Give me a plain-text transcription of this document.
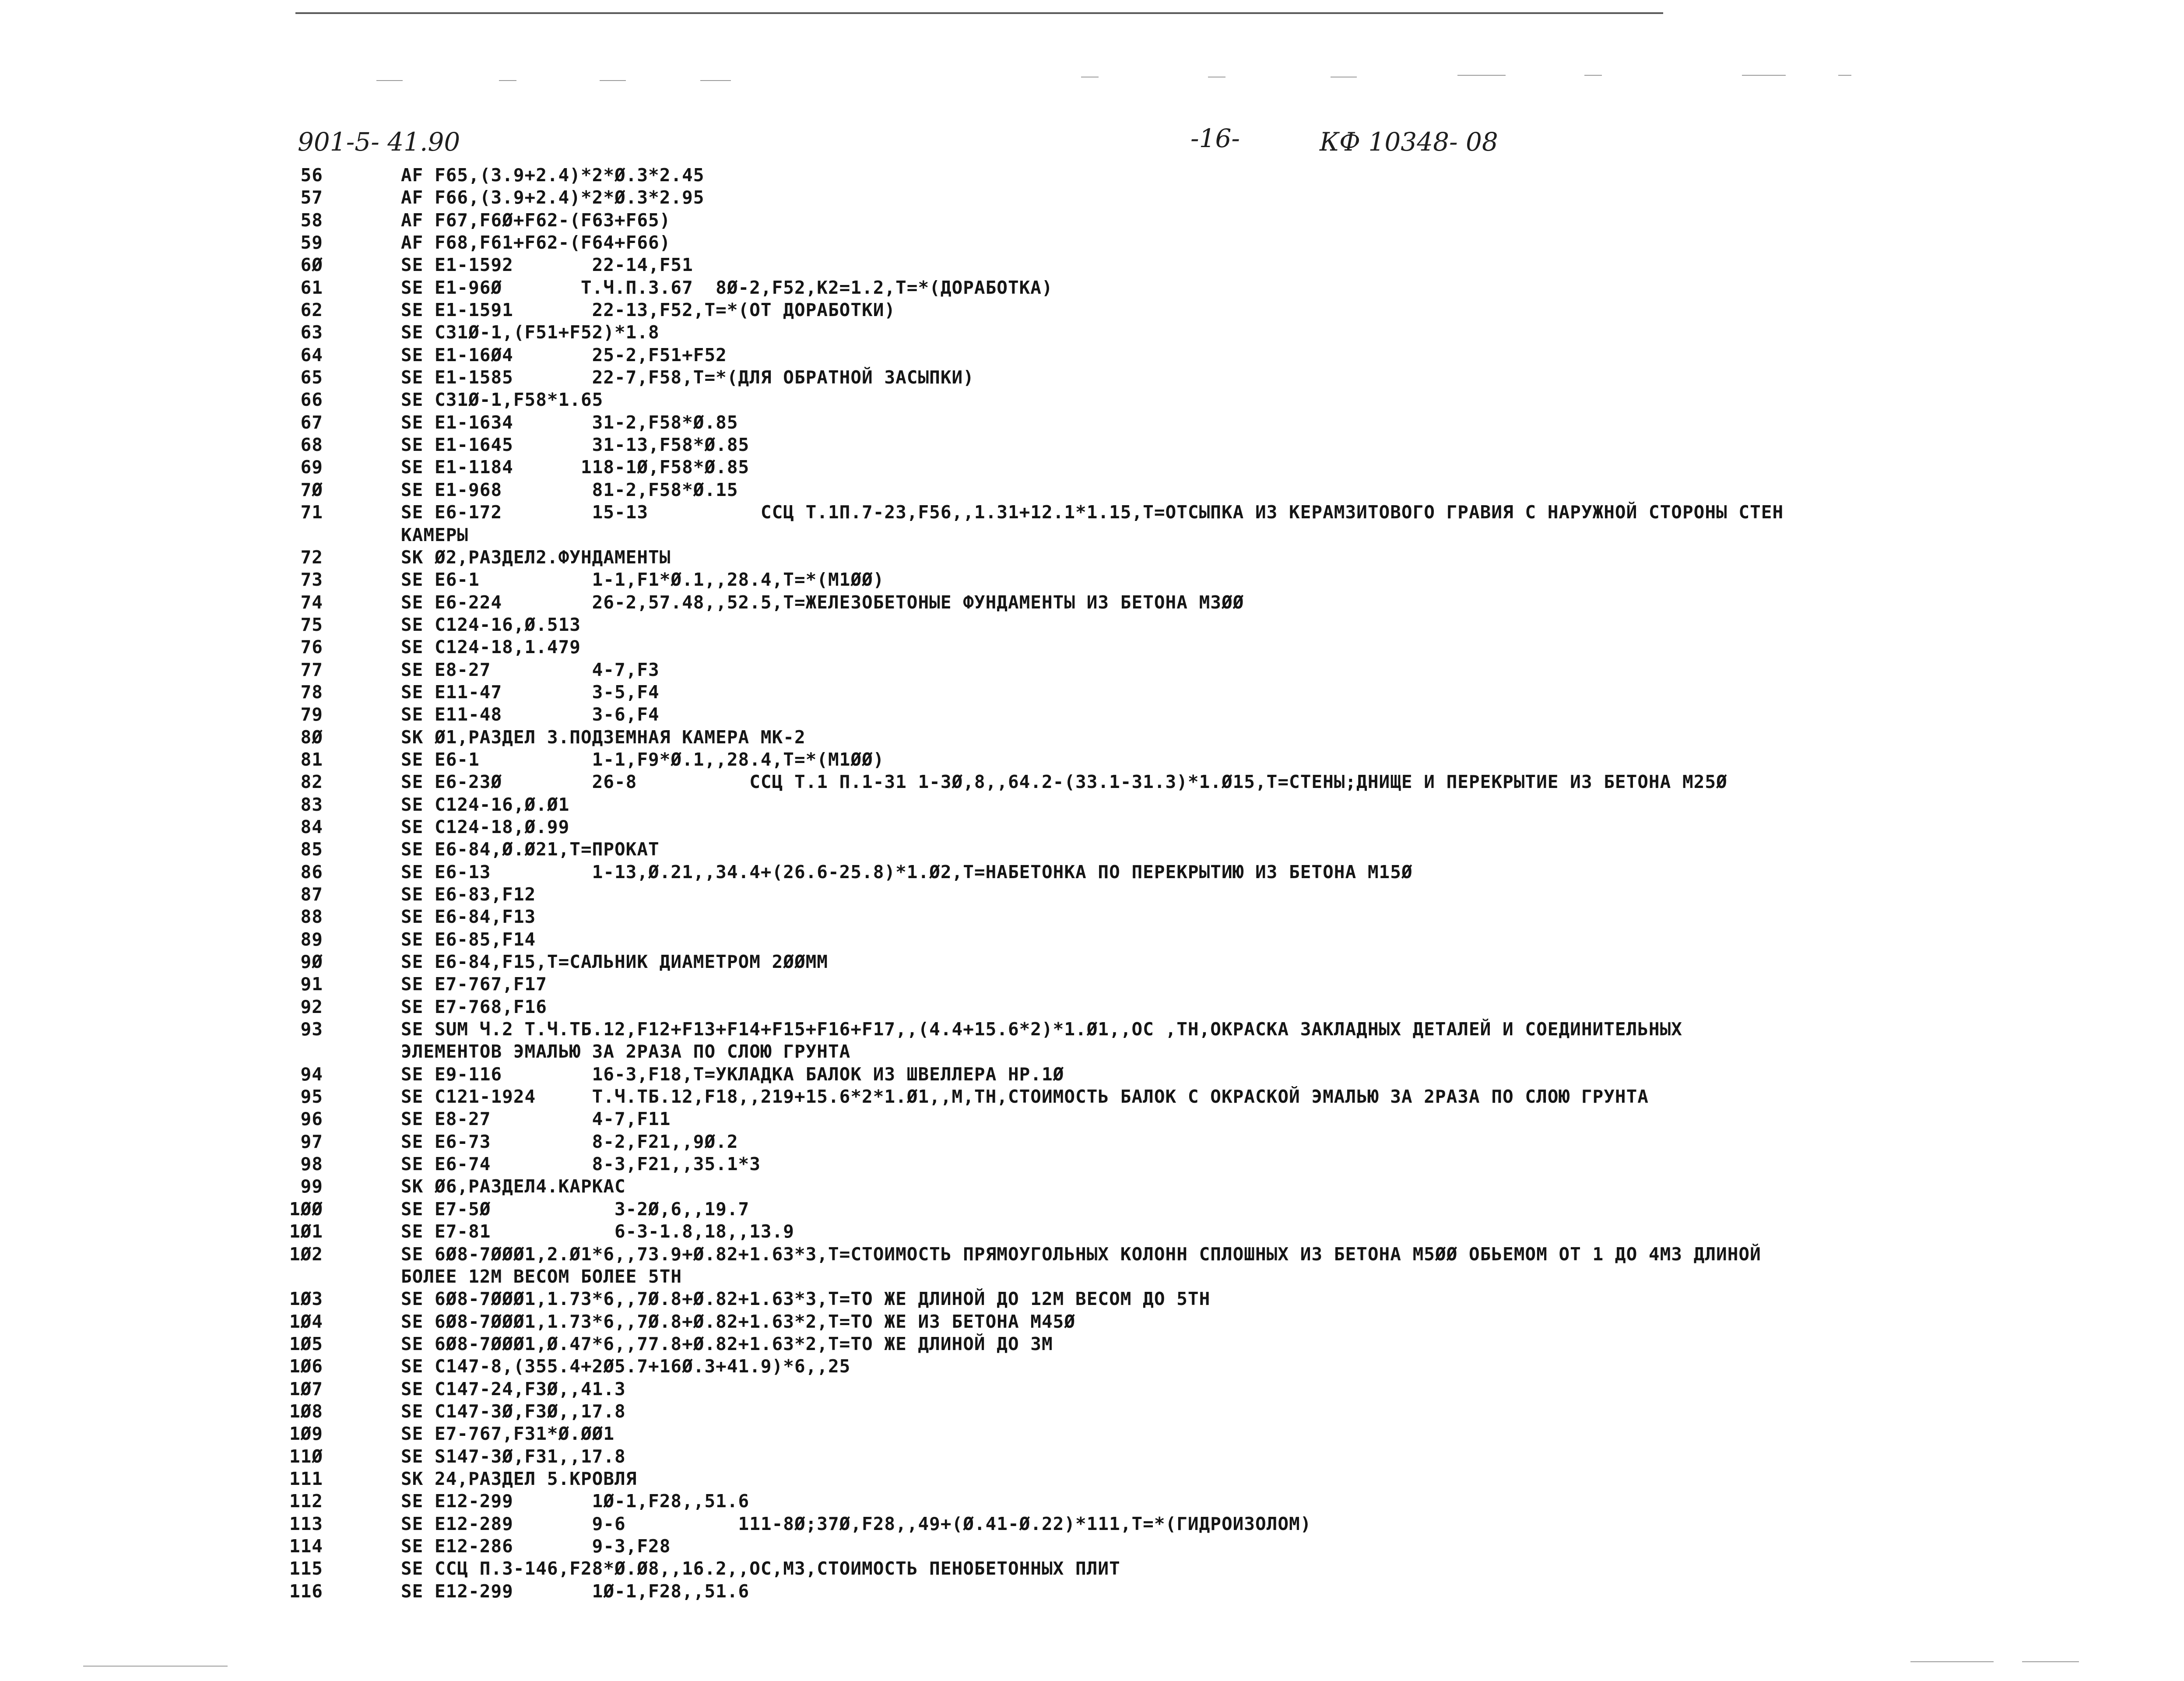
901-5- 41.90	-16-	КФ 10348- 08
56	AF F65,(3.9+2.4)*2*Ø.3*2.45
57	AF F66,(3.9+2.4)*2*Ø.3*2.95
58	AF F67,F6Ø+F62-(F63+F65)
59	AF F68,F61+F62-(F64+F66)
6Ø	SE E1-1592       22-14,F51
61	SE E1-96Ø       Т.Ч.П.3.67  8Ø-2,F52,K2=1.2,T=*(ДОРАБОТКА)
62	SE E1-1591       22-13,F52,T=*(ОТ ДОРАБОТКИ)
63	SE C31Ø-1,(F51+F52)*1.8
64	SE E1-16Ø4       25-2,F51+F52
65	SE E1-1585       22-7,F58,T=*(ДЛЯ ОБРАТНОЙ ЗАСЫПКИ)
66	SE C31Ø-1,F58*1.65
67	SE E1-1634       31-2,F58*Ø.85
68	SE E1-1645       31-13,F58*Ø.85
69	SE E1-1184      118-1Ø,F58*Ø.85
7Ø	SE E1-968        81-2,F58*Ø.15
71	SE E6-172        15-13          ССЦ Т.1П.7-23,F56,,1.31+12.1*1.15,T=ОТСЫПКА ИЗ КЕРАМЗИТОВОГО ГРАВИЯ С НАРУЖНОЙ СТОРОНЫ СТЕН
КАМЕРЫ
72	SK Ø2,РАЗДЕЛ2.ФУНДАМЕНТЫ
73	SE E6-1          1-1,F1*Ø.1,,28.4,T=*(M1ØØ)
74	SE E6-224        26-2,57.48,,52.5,T=ЖЕЛЕЗОБЕТОНЫЕ ФУНДАМЕНТЫ ИЗ БЕТОНА M3ØØ
75	SE C124-16,Ø.513
76	SE C124-18,1.479
77	SE E8-27         4-7,F3
78	SE E11-47        3-5,F4
79	SE E11-48        3-6,F4
8Ø	SK Ø1,РАЗДЕЛ 3.ПОДЗЕМНАЯ КАМЕРА MK-2
81	SE E6-1          1-1,F9*Ø.1,,28.4,T=*(M1ØØ)
82	SE E6-23Ø        26-8          ССЦ Т.1 П.1-31 1-3Ø,8,,64.2-(33.1-31.3)*1.Ø15,T=СТЕНЫ;ДНИЩЕ И ПЕРЕКРЫТИЕ ИЗ БЕТОНА M25Ø
83	SE C124-16,Ø.Ø1
84	SE C124-18,Ø.99
85	SE E6-84,Ø.Ø21,T=ПРОКАТ
86	SE E6-13         1-13,Ø.21,,34.4+(26.6-25.8)*1.Ø2,T=НАБЕТОНКА ПО ПЕРЕКРЫТИЮ ИЗ БЕТОНА M15Ø
87	SE E6-83,F12
88	SE E6-84,F13
89	SE E6-85,F14
9Ø	SE E6-84,F15,T=САЛЬНИК ДИАМЕТРОМ 2ØØMM
91	SE E7-767,F17
92	SE E7-768,F16
93	SE SUM Ч.2 Т.Ч.ТБ.12,F12+F13+F14+F15+F16+F17,,(4.4+15.6*2)*1.Ø1,,OC ,TH,ОКРАСКА ЗАКЛАДНЫХ ДЕТАЛЕЙ И СОЕДИНИТЕЛЬНЫХ
ЭЛЕМЕНТОВ ЭМАЛЬЮ ЗА 2РАЗА ПО СЛОЮ ГРУНТА
94	SE E9-116        16-3,F18,T=УКЛАДКА БАЛОК ИЗ ШВЕЛЛЕРА HP.1Ø
95	SE C121-1924     Т.Ч.ТБ.12,F18,,219+15.6*2*1.Ø1,,M,TH,СТОИМОСТЬ БАЛОК С ОКРАСКОЙ ЭМАЛЬЮ ЗА 2РАЗА ПО СЛОЮ ГРУНТА
96	SE E8-27         4-7,F11
97	SE E6-73         8-2,F21,,9Ø.2
98	SE E6-74         8-3,F21,,35.1*3
99	SK Ø6,РАЗДЕЛ4.КАРКАС
1ØØ	SE E7-5Ø           3-2Ø,6,,19.7
1Ø1	SE E7-81           6-3-1.8,18,,13.9
1Ø2	SE 6Ø8-7ØØØ1,2.Ø1*6,,73.9+Ø.82+1.63*3,T=СТОИМОСТЬ ПРЯМОУГОЛЬНЫХ КОЛОНН СПЛОШНЫХ ИЗ БЕТОНА M5ØØ ОБЬЕМОМ ОТ 1 ДО 4M3 ДЛИНОЙ
БОЛЕЕ 12M ВЕСОМ БОЛЕЕ 5TH
1Ø3	SE 6Ø8-7ØØØ1,1.73*6,,7Ø.8+Ø.82+1.63*3,T=ТО ЖЕ ДЛИНОЙ ДО 12M ВЕСОМ ДО 5TH
1Ø4	SE 6Ø8-7ØØØ1,1.73*6,,7Ø.8+Ø.82+1.63*2,T=ТО ЖЕ ИЗ БЕТОНА M45Ø
1Ø5	SE 6Ø8-7ØØØ1,Ø.47*6,,77.8+Ø.82+1.63*2,T=ТО ЖЕ ДЛИНОЙ ДО 3M
1Ø6	SE C147-8,(355.4+2Ø5.7+16Ø.3+41.9)*6,,25
1Ø7	SE C147-24,F3Ø,,41.3
1Ø8	SE C147-3Ø,F3Ø,,17.8
1Ø9	SE E7-767,F31*Ø.ØØ1
11Ø	SE S147-3Ø,F31,,17.8
111	SK 24,РАЗДЕЛ 5.КРОВЛЯ
112	SE E12-299       1Ø-1,F28,,51.6
113	SE E12-289       9-6          111-8Ø;37Ø,F28,,49+(Ø.41-Ø.22)*111,T=*(ГИДРОИЗОЛОМ)
114	SE E12-286       9-3,F28
115	SE ССЦ П.3-146,F28*Ø.Ø8,,16.2,,OC,M3,СТОИМОСТЬ ПЕНОБЕТОННЫХ ПЛИТ
116	SE E12-299       1Ø-1,F28,,51.6
